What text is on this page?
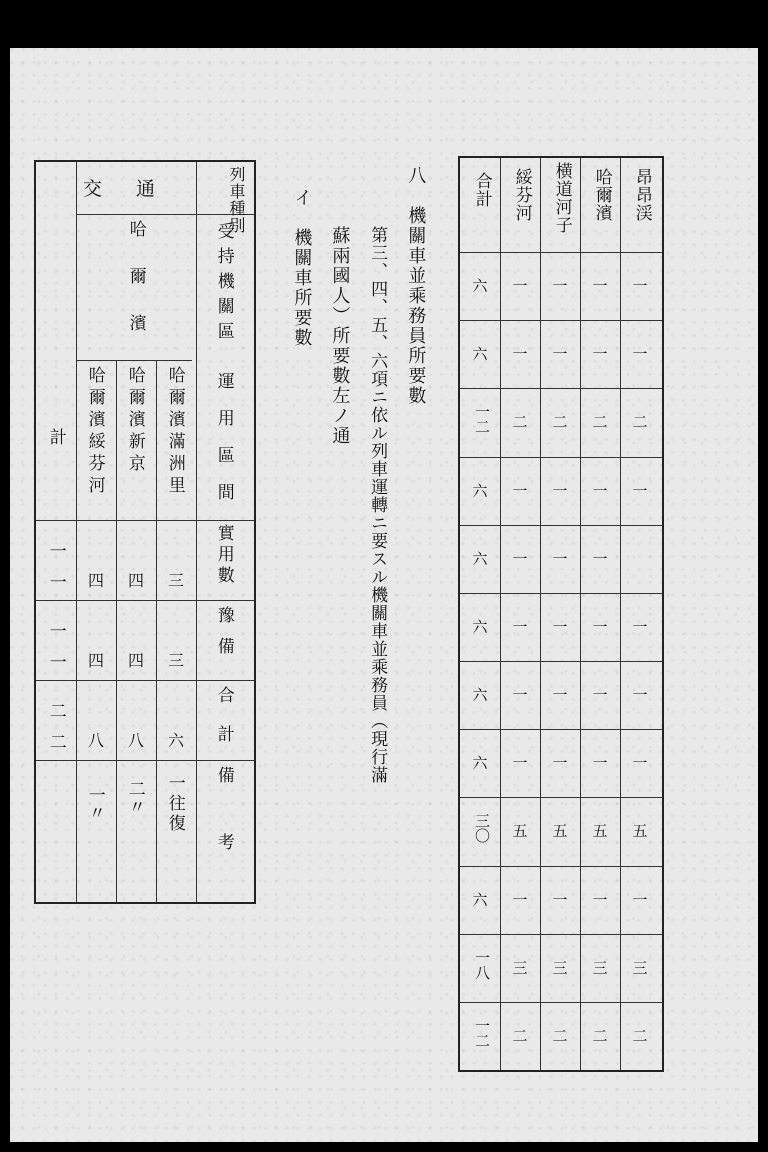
一
一
一
一
六
一
一
一
一
六
二
二
二
二
一二
一
一
一
一
六
一
一
一
六
一
一
一
一
六
一
一
一
一
六
一
一
一
一
六
五
五
五
五
三〇
一
一
一
一
六
三
三
三
三
一八
二
二
二
二
一二
合計 綏芬河 横道河子 哈爾濱 昂昂渓
八　機關車並乘務員所要數
第三、四、五、六項ニ依ル列車運轉ニ要スル機關車並乘務員（現行滿
蘇兩國人）所要數左ノ通
イ　機關車所要數
列車種別
受持機關區
運用區間
實用數
豫備
合計
備考
交通
哈爾濱
哈爾濱滿洲里
哈爾濱新京
哈爾濱綏芬河
計
三
四
四
一一
三
四
四
一一
六
八
八
二二
一往復
二〃
一〃
